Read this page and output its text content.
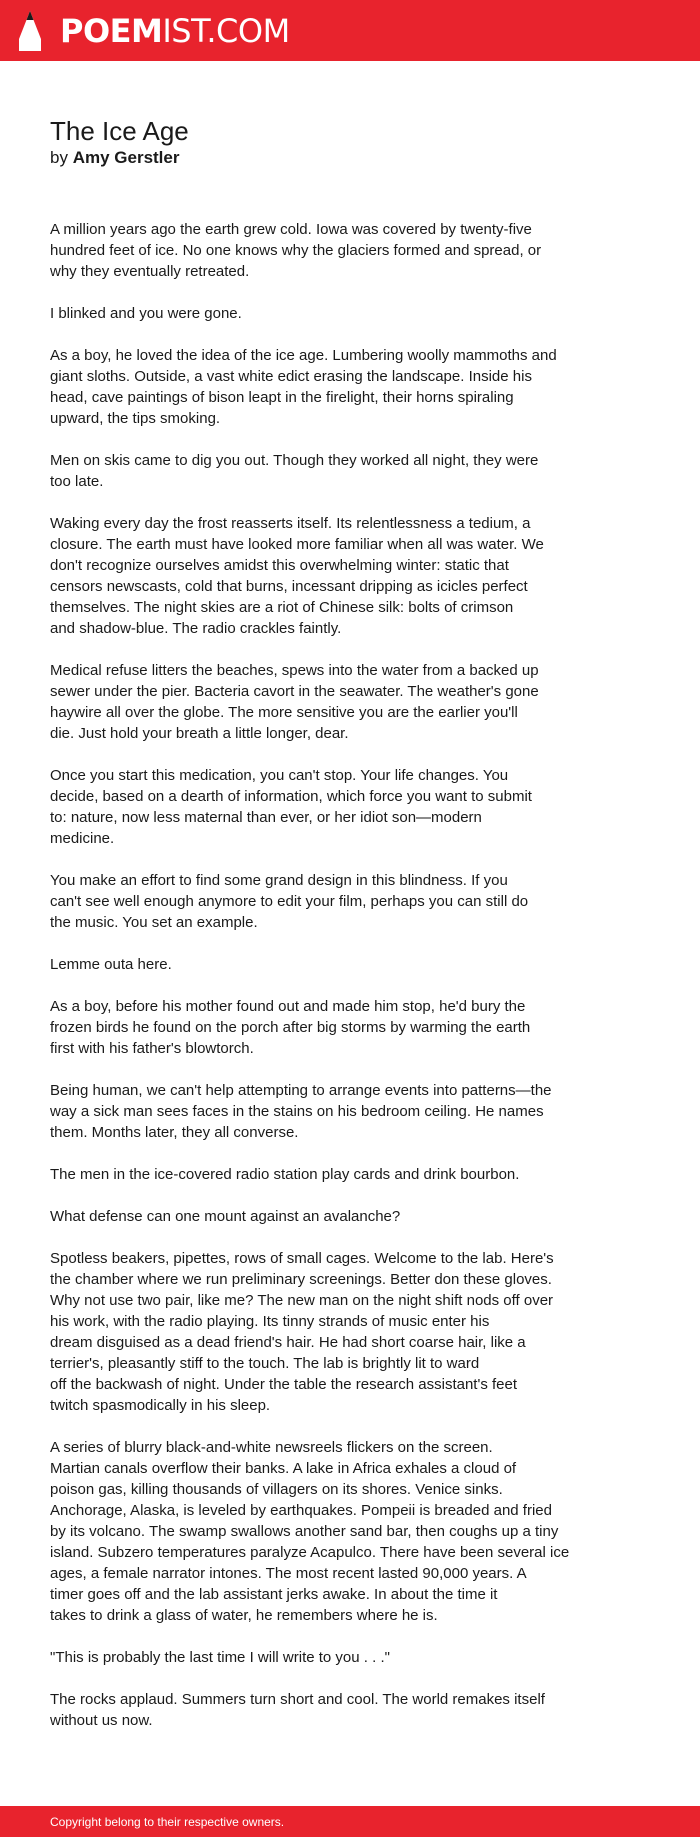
POEMIST.COM
The Ice Age
by Amy Gerstler

A million years ago the earth grew cold. Iowa was covered by twenty-five
hundred feet of ice. No one knows why the glaciers formed and spread, or
why they eventually retreated.

I blinked and you were gone.

As a boy, he loved the idea of the ice age. Lumbering woolly mammoths and
giant sloths. Outside, a vast white edict erasing the landscape. Inside his
head, cave paintings of bison leapt in the firelight, their horns spiraling
upward, the tips smoking.

Men on skis came to dig you out. Though they worked all night, they were
too late.

Waking every day the frost reasserts itself. Its relentlessness a tedium, a
closure. The earth must have looked more familiar when all was water. We
don't recognize ourselves amidst this overwhelming winter: static that
censors newscasts, cold that burns, incessant dripping as icicles perfect
themselves. The night skies are a riot of Chinese silk: bolts of crimson
and shadow-blue. The radio crackles faintly.

Medical refuse litters the beaches, spews into the water from a backed up
sewer under the pier. Bacteria cavort in the seawater. The weather's gone
haywire all over the globe. The more sensitive you are the earlier you'll
die. Just hold your breath a little longer, dear.

Once you start this medication, you can't stop. Your life changes. You
decide, based on a dearth of information, which force you want to submit
to: nature, now less maternal than ever, or her idiot son—modern
medicine.

You make an effort to find some grand design in this blindness. If you
can't see well enough anymore to edit your film, perhaps you can still do
the music. You set an example.

Lemme outa here.

As a boy, before his mother found out and made him stop, he'd bury the
frozen birds he found on the porch after big storms by warming the earth
first with his father's blowtorch.

Being human, we can't help attempting to arrange events into patterns—the
way a sick man sees faces in the stains on his bedroom ceiling. He names
them. Months later, they all converse.

The men in the ice-covered radio station play cards and drink bourbon.

What defense can one mount against an avalanche?

Spotless beakers, pipettes, rows of small cages. Welcome to the lab. Here's
the chamber where we run preliminary screenings. Better don these gloves.
Why not use two pair, like me? The new man on the night shift nods off over
his work, with the radio playing. Its tinny strands of music enter his
dream disguised as a dead friend's hair. He had short coarse hair, like a
terrier's, pleasantly stiff to the touch. The lab is brightly lit to ward
off the backwash of night. Under the table the research assistant's feet
twitch spasmodically in his sleep.

A series of blurry black-and-white newsreels flickers on the screen.
Martian canals overflow their banks. A lake in Africa exhales a cloud of
poison gas, killing thousands of villagers on its shores. Venice sinks.
Anchorage, Alaska, is leveled by earthquakes. Pompeii is breaded and fried
by its volcano. The swamp swallows another sand bar, then coughs up a tiny
island. Subzero temperatures paralyze Acapulco. There have been several ice
ages, a female narrator intones. The most recent lasted 90,000 years. A
timer goes off and the lab assistant jerks awake. In about the time it
takes to drink a glass of water, he remembers where he is.

"This is probably the last time I will write to you . . ."

The rocks applaud. Summers turn short and cool. The world remakes itself
without us now.

Copyright belong to their respective owners.
